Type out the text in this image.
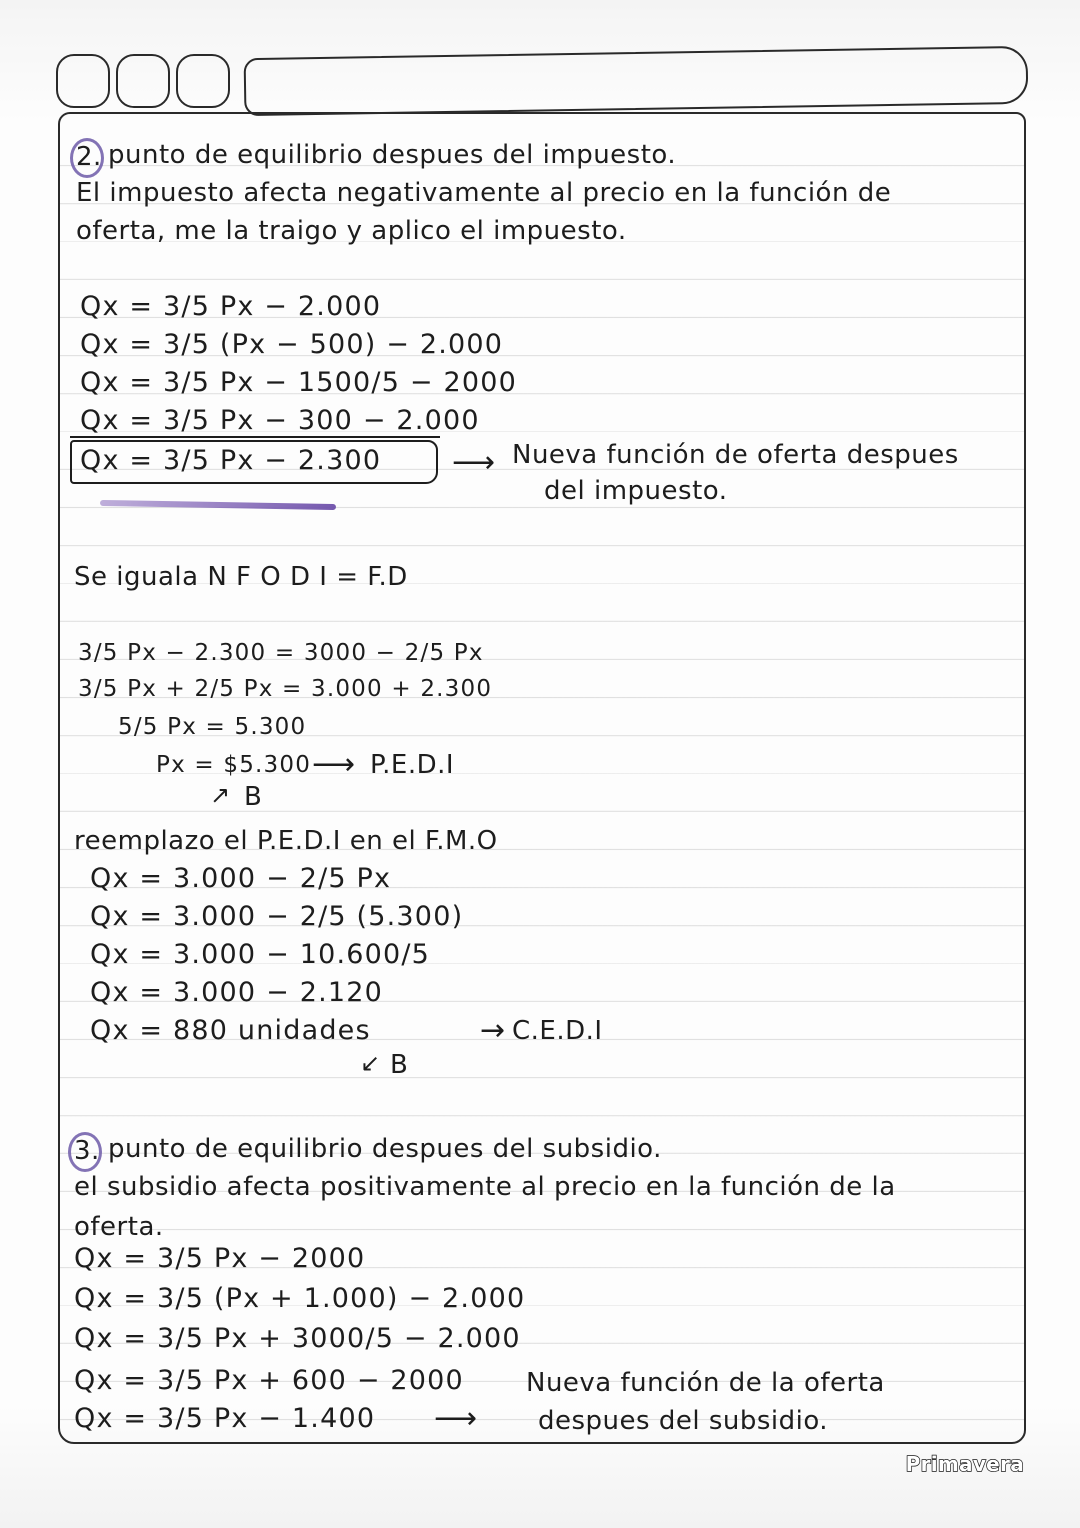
2. punto de equilibrio despues del impuesto.
El impuesto afecta negativamente al precio en la función de
oferta, me la traigo y aplico el impuesto.
Qx = 3/5 Px − 2.000
Qx = 3/5 (Px − 500) − 2.000
Qx = 3/5 Px − 1500/5 − 2000
Qx = 3/5 Px − 300 − 2.000
Qx = 3/5 Px − 2.300 ⟶ Nueva función de oferta despues
del impuesto.
Se iguala N F O D I = F.D
3/5 Px − 2.300 = 3000 − 2/5 Px
3/5 Px + 2/5 Px = 3.000 + 2.300
5/5 Px = 5.300
Px = $5.300 ⟶ P.E.D.I
↗ B
reemplazo el P.E.D.I en el F.M.O
Qx = 3.000 − 2/5 Px
Qx = 3.000 − 2/5 (5.300)
Qx = 3.000 − 10.600/5
Qx = 3.000 − 2.120
Qx = 880 unidades	→ C.E.D.I
↙ B
3. punto de equilibrio despues del subsidio.
el subsidio afecta positivamente al precio en la función de la
oferta.
Qx = 3/5 Px − 2000
Qx = 3/5 (Px + 1.000) − 2.000
Qx = 3/5 Px + 3000/5 − 2.000
Qx = 3/5 Px + 600 − 2000
Qx = 3/5 Px − 1.400 ⟶
Nueva función de la oferta
despues del subsidio.
Primavera
